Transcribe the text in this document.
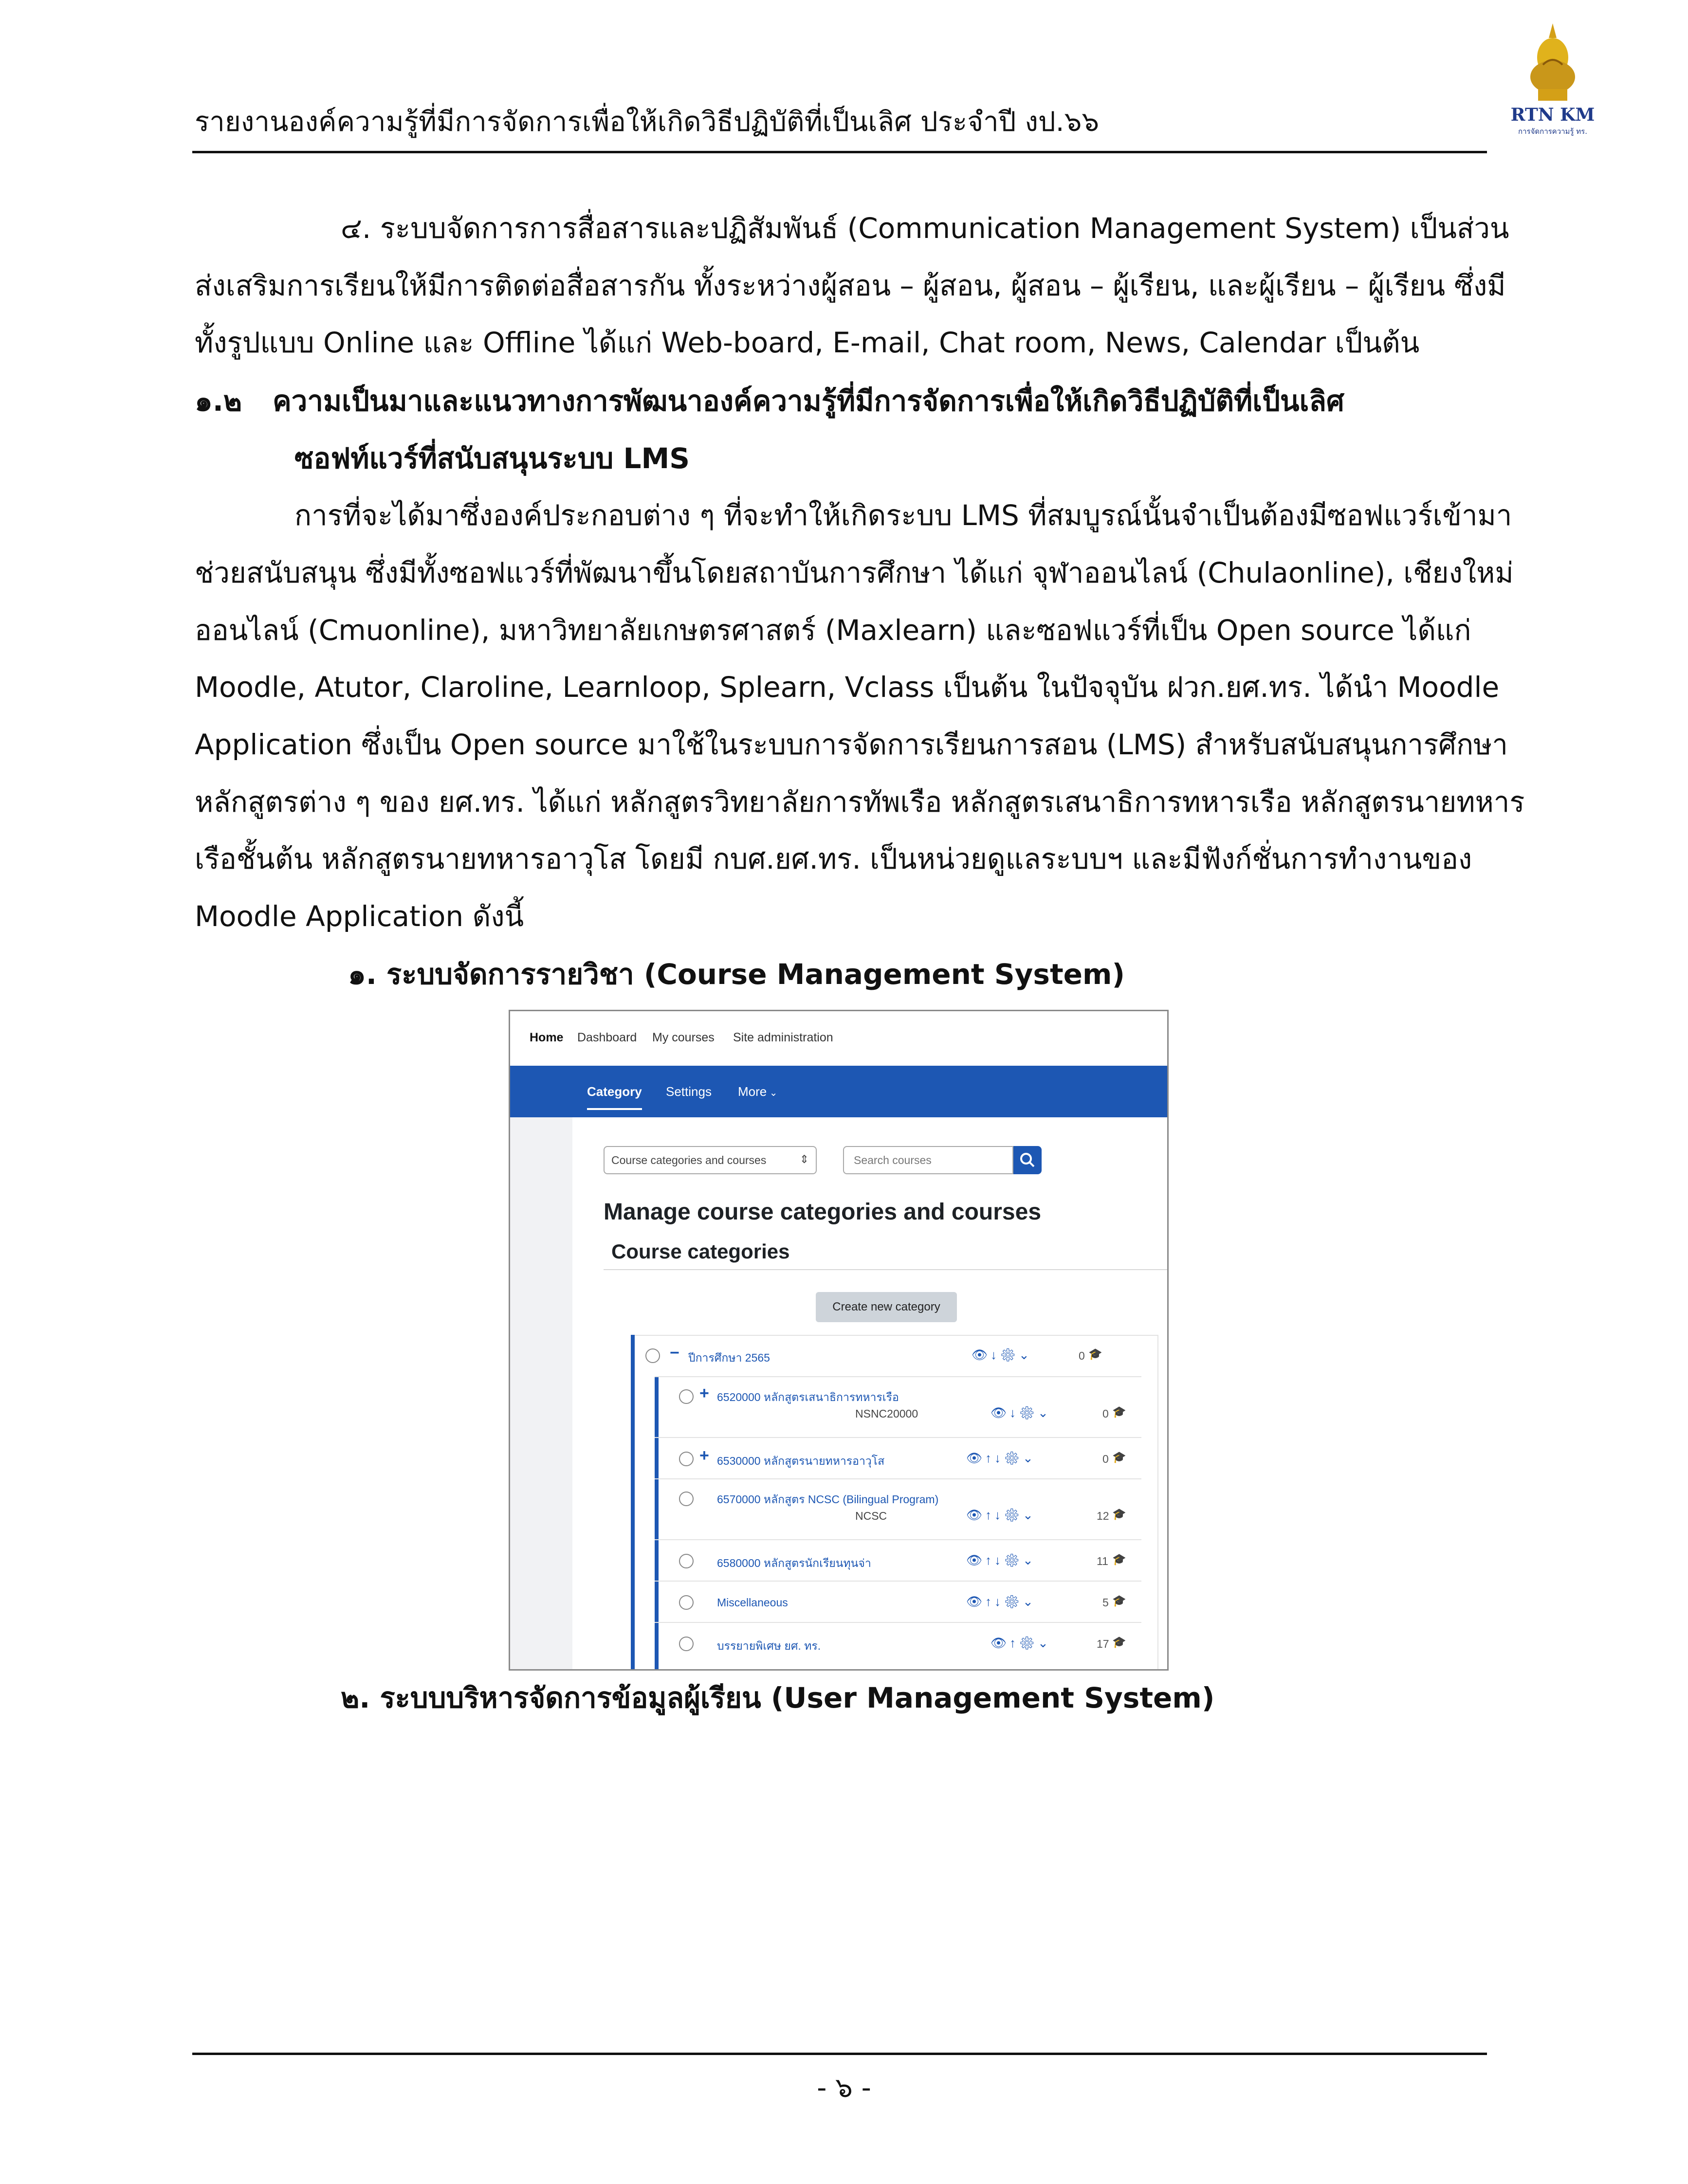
รายงานองค์ความรู้ที่มีการจัดการเพื่อให้เกิดวิธีปฏิบัติที่เป็นเลิศ ประจำปี งป.๖๖	RTN KM
การจัดการความรู้ ทร.
๔. ระบบจัดการการสื่อสารและปฏิสัมพันธ์ (Communication Management System) เป็นส่วน
ส่งเสริมการเรียนให้มีการติดต่อสื่อสารกัน ทั้งระหว่างผู้สอน – ผู้สอน, ผู้สอน – ผู้เรียน, และผู้เรียน – ผู้เรียน ซึ่งมี
ทั้งรูปแบบ Online และ Offline ได้แก่ Web-board, E-mail, Chat room, News, Calendar เป็นต้น
๑.๒ ความเป็นมาและแนวทางการพัฒนาองค์ความรู้ที่มีการจัดการเพื่อให้เกิดวิธีปฏิบัติที่เป็นเลิศ
ซอฟท์แวร์ที่สนับสนุนระบบ LMS
การที่จะได้มาซึ่งองค์ประกอบต่าง ๆ ที่จะทำให้เกิดระบบ LMS ที่สมบูรณ์นั้นจำเป็นต้องมีซอฟแวร์เข้ามา
ช่วยสนับสนุน ซึ่งมีทั้งซอฟแวร์ที่พัฒนาขึ้นโดยสถาบันการศึกษา ได้แก่ จุฬาออนไลน์ (Chulaonline), เชียงใหม่
ออนไลน์ (Cmuonline), มหาวิทยาลัยเกษตรศาสตร์ (Maxlearn) และซอฟแวร์ที่เป็น Open source ได้แก่
Moodle, Atutor, Claroline, Learnloop, Splearn, Vclass เป็นต้น ในปัจจุบัน ฝวก.ยศ.ทร. ได้นำ Moodle
Application ซึ่งเป็น Open source มาใช้ในระบบการจัดการเรียนการสอน (LMS) สำหรับสนับสนุนการศึกษา
หลักสูตรต่าง ๆ ของ ยศ.ทร. ได้แก่ หลักสูตรวิทยาลัยการทัพเรือ หลักสูตรเสนาธิการทหารเรือ หลักสูตรนายทหาร
เรือชั้นต้น หลักสูตรนายทหารอาวุโส โดยมี กบศ.ยศ.ทร. เป็นหน่วยดูแลระบบฯ และมีฟังก์ชั่นการทำงานของ
Moodle Application ดังนี้
๑. ระบบจัดการรายวิชา (Course Management System)
Home Dashboard My courses Site administration
Category Settings More ⌄
Course categories and courses	⇕	Search courses
Manage course categories and courses
Course categories
Create new category
− ปีการศึกษา 2565	👁↓⚙⌄	0 🎓
+ 6520000 หลักสูตรเสนาธิการทหารเรือ
NSNC20000	👁↓⚙⌄	0 🎓
+ 6530000 หลักสูตรนายทหารอาวุโส	👁↑↓⚙⌄	0 🎓
6570000 หลักสูตร NCSC (Bilingual Program)
NCSC	👁↑↓⚙⌄	12 🎓
6580000 หลักสูตรนักเรียนทุนจ่า	👁↑↓⚙⌄	11 🎓
Miscellaneous	👁↑↓⚙⌄	5 🎓
บรรยายพิเศษ ยศ. ทร.	👁↑⚙⌄	17 🎓
๒. ระบบบริหารจัดการข้อมูลผู้เรียน (User Management System)
- ๖ -
